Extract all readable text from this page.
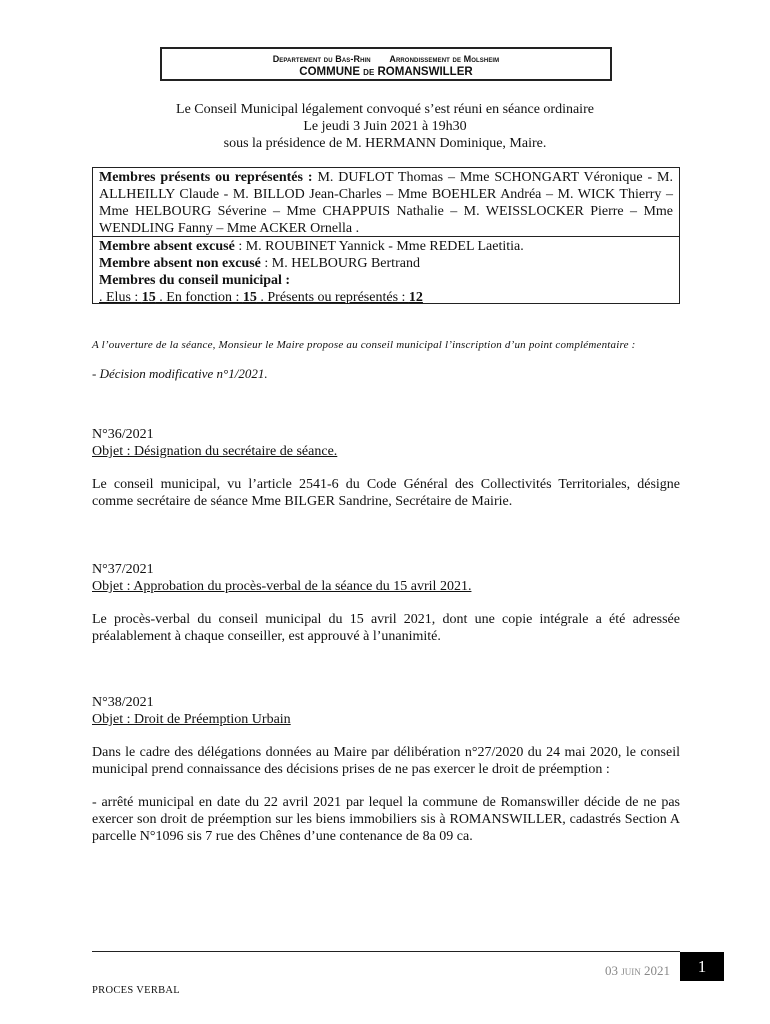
Departement du Bas-Rhin Arrondissement de Molsheim
COMMUNE de ROMANSWILLER
Le Conseil Municipal légalement convoqué s’est réuni en séance ordinaire
Le jeudi 3 Juin 2021 à 19h30
sous la présidence de M. HERMANN Dominique, Maire.
Membres présents ou représentés : M. DUFLOT Thomas – Mme SCHONGART Véronique - M. ALLHEILLY Claude - M. BILLOD Jean-Charles – Mme BOEHLER Andréa – M. WICK Thierry – Mme HELBOURG Séverine – Mme CHAPPUIS Nathalie – M. WEISSLOCKER Pierre – Mme WENDLING Fanny – Mme ACKER Ornella .
Membre absent excusé : M. ROUBINET Yannick - Mme REDEL Laetitia.
Membre absent non excusé : M. HELBOURG Bertrand
Membres du conseil municipal :
. Elus : 15 . En fonction : 15 . Présents ou représentés : 12
A l’ouverture de la séance, Monsieur le Maire propose au conseil municipal l’inscription d’un point complémentaire :
- Décision modificative n°1/2021.
N°36/2021
Objet : Désignation du secrétaire de séance.

Le conseil municipal, vu l’article 2541-6 du Code Général des Collectivités Territoriales, désigne comme secrétaire de séance Mme BILGER Sandrine, Secrétaire de Mairie.

N°37/2021
Objet : Approbation du procès-verbal de la séance du 15 avril 2021.

Le procès-verbal du conseil municipal du 15 avril 2021, dont une copie intégrale a été adressée préalablement à chaque conseiller, est approuvé à l’unanimité.

N°38/2021
Objet : Droit de Préemption Urbain

Dans le cadre des délégations données au Maire par délibération n°27/2020 du 24 mai 2020, le conseil municipal prend connaissance des décisions prises de ne pas exercer le droit de préemption :

- arrêté municipal en date du 22 avril 2021 par lequel la commune de Romanswiller décide de ne pas exercer son droit de préemption sur les biens immobiliers sis à ROMANSWILLER, cadastrés Section A parcelle N°1096 sis 7 rue des Chênes d’une contenance de 8a 09 ca.

03 juin 2021	1
PROCES VERBAL
